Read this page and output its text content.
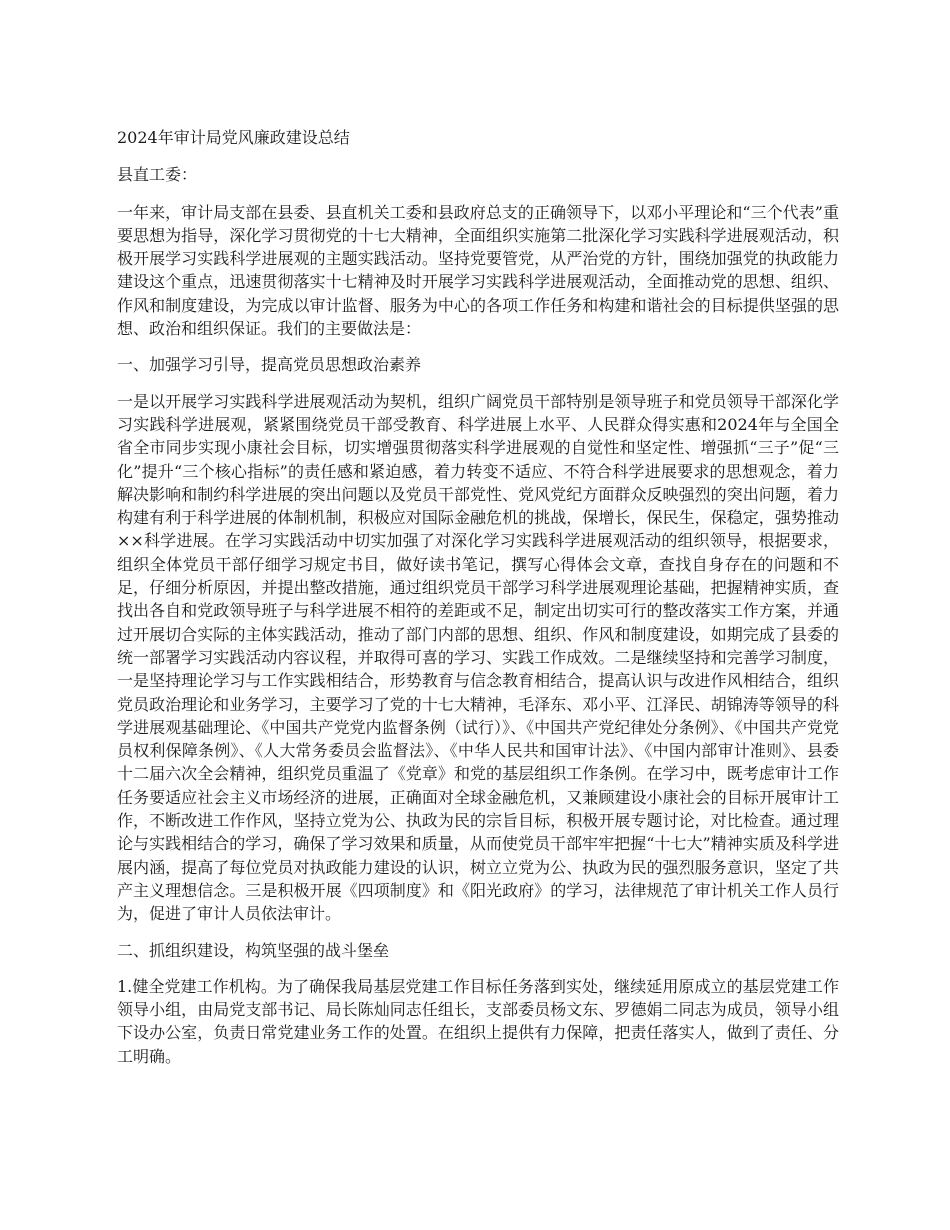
2024年审计局党风廉政建设总结

县直工委：

一年来，审计局支部在县委、县直机关工委和县政府总支的正确领导下，以邓小平理论和“三个代表”重要思想为指导，深化学习贯彻党的十七大精神，全面组织实施第二批深化学习实践科学进展观活动，积极开展学习实践科学进展观的主题实践活动。坚持党要管党，从严治党的方针，围绕加强党的执政能力建设这个重点，迅速贯彻落实十七精神及时开展学习实践科学进展观活动，全面推动党的思想、组织、作风和制度建设，为完成以审计监督、服务为中心的各项工作任务和构建和谐社会的目标提供坚强的思想、政治和组织保证。我们的主要做法是：

一、加强学习引导，提高党员思想政治素养

一是以开展学习实践科学进展观活动为契机，组织广阔党员干部特别是领导班子和党员领导干部深化学习实践科学进展观，紧紧围绕党员干部受教育、科学进展上水平、人民群众得实惠和2024年与全国全省全市同步实现小康社会目标，切实增强贯彻落实科学进展观的自觉性和坚定性、增强抓“三子”促“三化”提升“三个核心指标”的责任感和紧迫感，着力转变不适应、不符合科学进展要求的思想观念，着力解决影响和制约科学进展的突出问题以及党员干部党性、党风党纪方面群众反映强烈的突出问题，着力构建有利于科学进展的体制机制，积极应对国际金融危机的挑战，保增长，保民生，保稳定，强势推动××科学进展。在学习实践活动中切实加强了对深化学习实践科学进展观活动的组织领导，根据要求，组织全体党员干部仔细学习规定书目，做好读书笔记，撰写心得体会文章，查找自身存在的问题和不足，仔细分析原因，并提出整改措施，通过组织党员干部学习科学进展观理论基础，把握精神实质，查找出各自和党政领导班子与科学进展不相符的差距或不足，制定出切实可行的整改落实工作方案，并通过开展切合实际的主体实践活动，推动了部门内部的思想、组织、作风和制度建设，如期完成了县委的统一部署学习实践活动内容议程，并取得可喜的学习、实践工作成效。二是继续坚持和完善学习制度，一是坚持理论学习与工作实践相结合，形势教育与信念教育相结合，提高认识与改进作风相结合，组织党员政治理论和业务学习，主要学习了党的十七大精神，毛泽东、邓小平、江泽民、胡锦涛等领导的科学进展观基础理论、《中国共产党党内监督条例（试行）》、《中国共产党纪律处分条例》、《中国共产党党员权利保障条例》、《人大常务委员会监督法》、《中华人民共和国审计法》、《中国内部审计准则》、县委十二届六次全会精神，组织党员重温了《党章》和党的基层组织工作条例。在学习中，既考虑审计工作任务要适应社会主义市场经济的进展，正确面对全球金融危机，又兼顾建设小康社会的目标开展审计工作，不断改进工作作风，坚持立党为公、执政为民的宗旨目标，积极开展专题讨论，对比检查。通过理论与实践相结合的学习，确保了学习效果和质量，从而使党员干部牢牢把握“十七大”精神实质及科学进展内涵，提高了每位党员对执政能力建设的认识，树立立党为公、执政为民的强烈服务意识，坚定了共产主义理想信念。三是积极开展《四项制度》和《阳光政府》的学习，法律规范了审计机关工作人员行为，促进了审计人员依法审计。

二、抓组织建设，构筑坚强的战斗堡垒

1.健全党建工作机构。为了确保我局基层党建工作目标任务落到实处，继续延用原成立的基层党建工作领导小组，由局党支部书记、局长陈灿同志任组长，支部委员杨文东、罗德娟二同志为成员，领导小组下设办公室，负责日常党建业务工作的处置。在组织上提供有力保障，把责任落实人，做到了责任、分工明确。
